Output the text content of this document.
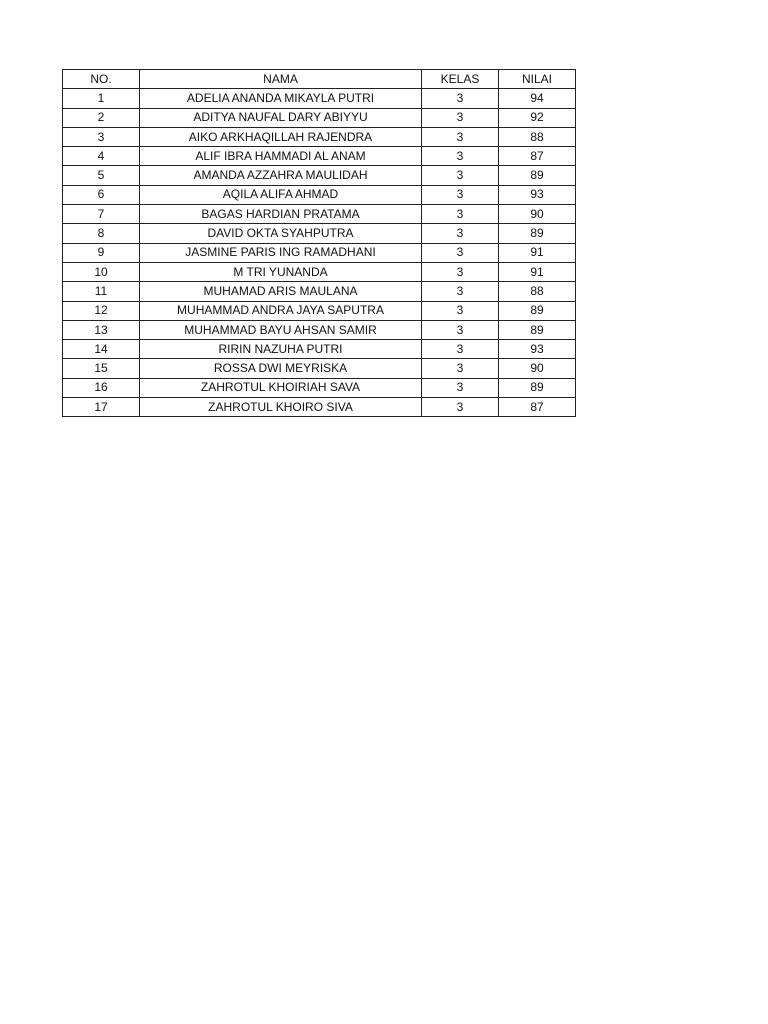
NO.	NAMA	KELAS	NILAI
1	ADELIA ANANDA MIKAYLA PUTRI	3	94
2	ADITYA NAUFAL DARY ABIYYU	3	92
3	AIKO ARKHAQILLAH RAJENDRA	3	88
4	ALIF IBRA HAMMADI AL ANAM	3	87
5	AMANDA AZZAHRA MAULIDAH	3	89
6	AQILA ALIFA AHMAD	3	93
7	BAGAS HARDIAN PRATAMA	3	90
8	DAVID OKTA SYAHPUTRA	3	89
9	JASMINE PARIS ING RAMADHANI	3	91
10	M TRI YUNANDA	3	91
11	MUHAMAD ARIS MAULANA	3	88
12	MUHAMMAD ANDRA JAYA SAPUTRA	3	89
13	MUHAMMAD BAYU AHSAN SAMIR	3	89
14	RIRIN NAZUHA PUTRI	3	93
15	ROSSA DWI MEYRISKA	3	90
16	ZAHROTUL KHOIRIAH SAVA	3	89
17	ZAHROTUL KHOIRO SIVA	3	87
